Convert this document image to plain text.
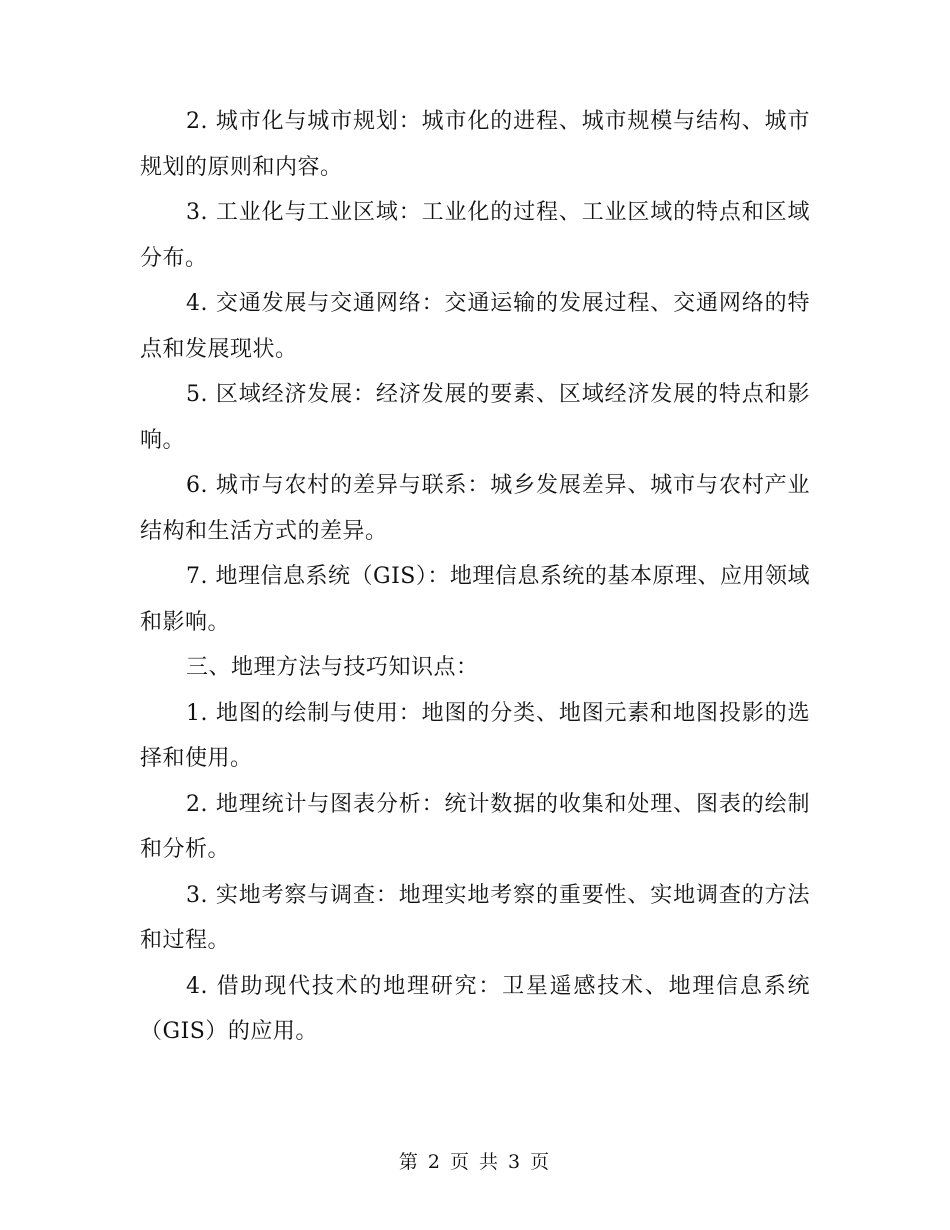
2. 城市化与城市规划：城市化的进程、城市规模与结构、城市规划的原则和内容。

3. 工业化与工业区域：工业化的过程、工业区域的特点和区域分布。

4. 交通发展与交通网络：交通运输的发展过程、交通网络的特点和发展现状。

5. 区域经济发展：经济发展的要素、区域经济发展的特点和影响。

6. 城市与农村的差异与联系：城乡发展差异、城市与农村产业结构和生活方式的差异。

7. 地理信息系统（GIS）：地理信息系统的基本原理、应用领域和影响。

三、地理方法与技巧知识点：

1. 地图的绘制与使用：地图的分类、地图元素和地图投影的选择和使用。

2. 地理统计与图表分析：统计数据的收集和处理、图表的绘制和分析。

3. 实地考察与调查：地理实地考察的重要性、实地调查的方法和过程。

4. 借助现代技术的地理研究：卫星遥感技术、地理信息系统（GIS）的应用。

第 2 页 共 3 页
